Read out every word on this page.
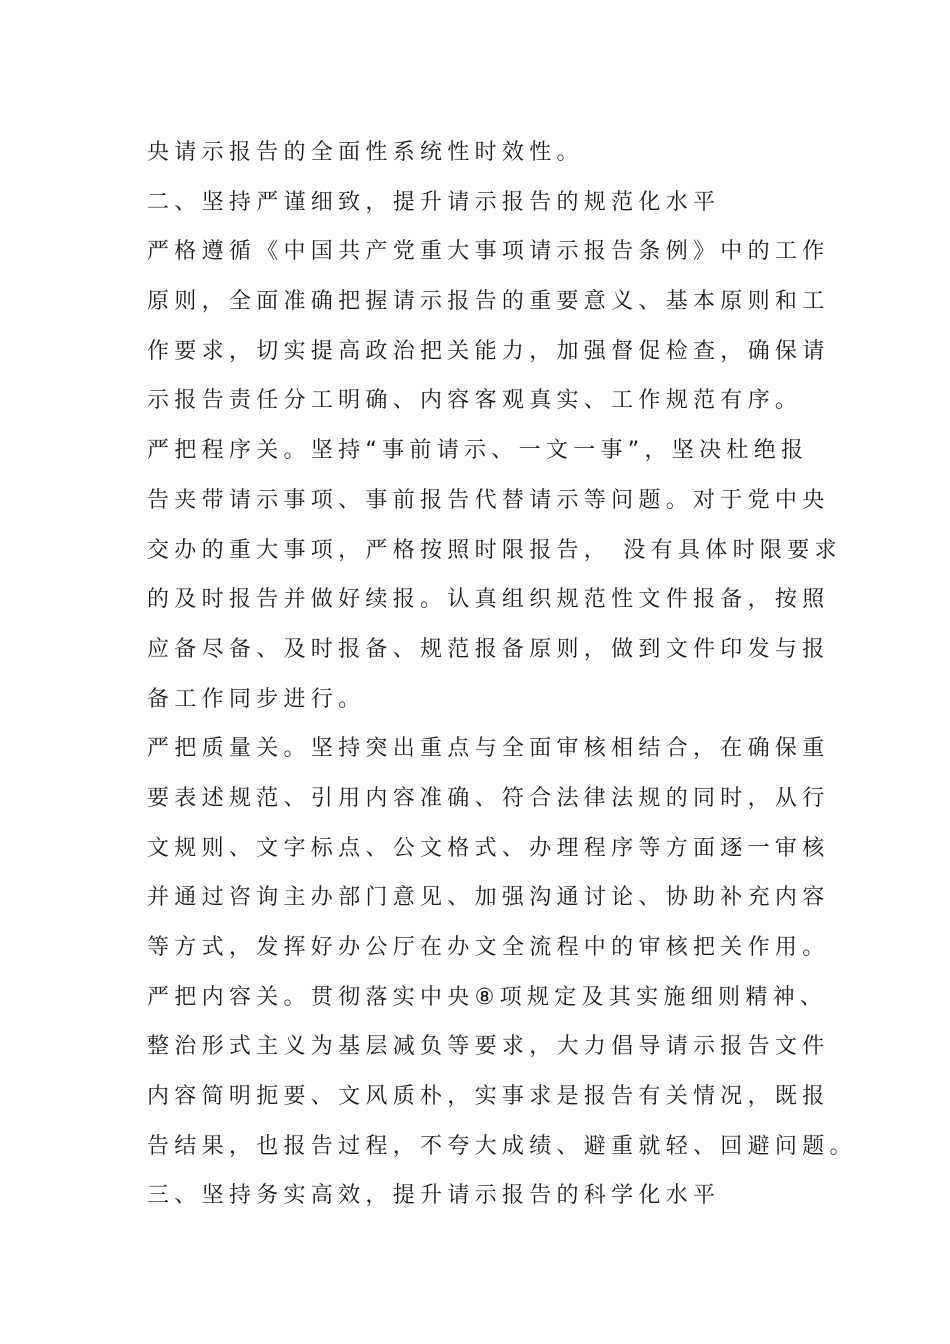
央请示报告的全面性系统性时效性。
二、坚持严谨细致，提升请示报告的规范化水平
严格遵循《中国共产党重大事项请示报告条例》中的工作
原则，全面准确把握请示报告的重要意义、基本原则和工
作要求，切实提高政治把关能力，加强督促检查，确保请
示报告责任分工明确、内容客观真实、工作规范有序。
严把程序关。坚持“事前请示、一文一事”，坚决杜绝报
告夹带请示事项、事前报告代替请示等问题。对于党中央
交办的重大事项，严格按照时限报告， 没有具体时限要求
的及时报告并做好续报。认真组织规范性文件报备，按照
应备尽备、及时报备、规范报备原则，做到文件印发与报
备工作同步进行。
严把质量关。坚持突出重点与全面审核相结合，在确保重
要表述规范、引用内容准确、符合法律法规的同时，从行
文规则、文字标点、公文格式、办理程序等方面逐一审核
并通过咨询主办部门意见、加强沟通讨论、协助补充内容
等方式，发挥好办公厅在办文全流程中的审核把关作用。
严把内容关。贯彻落实中央⑧项规定及其实施细则精神、
整治形式主义为基层减负等要求，大力倡导请示报告文件
内容简明扼要、文风质朴，实事求是报告有关情况，既报
告结果，也报告过程，不夸大成绩、避重就轻、回避问题。
三、坚持务实高效，提升请示报告的科学化水平
